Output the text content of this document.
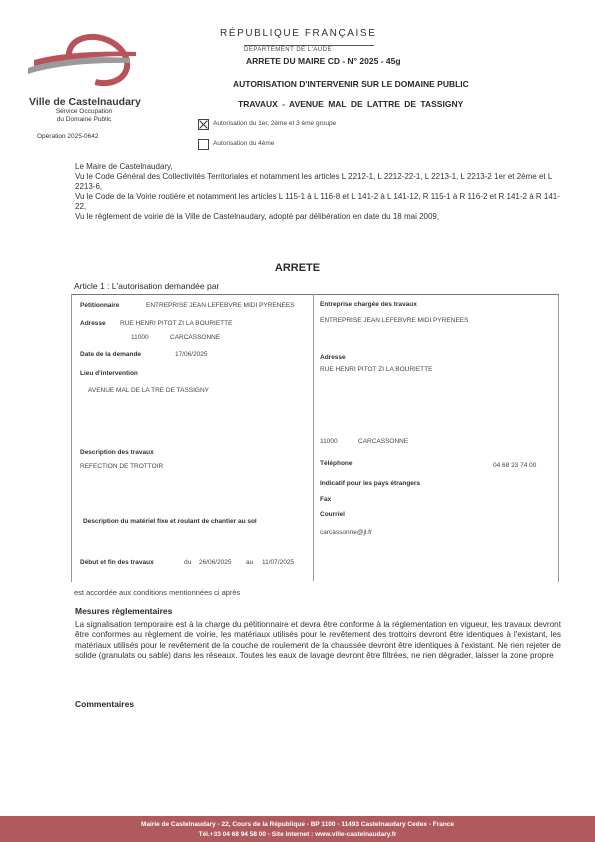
Ville de Castelnaudary
Service Occupation
du Domaine Public
Opération 2025-0642
RÉPUBLIQUE FRANÇAISE
DEPARTEMENT DE L'AUDE
ARRETE DU MAIRE CD - N° 2025 - 45g
AUTORISATION D'INTERVENIR SUR LE DOMAINE PUBLIC
TRAVAUX - AVENUE MAL DE LATTRE DE TASSIGNY
Autorisation du 1er, 2ème et 3 ème groupe
Autorisation du 4ème

Le Maire de Castelnaudary,

Vu le Code Général des Collectivités Territoriales et notamment les articles L 2212-1, L 2212-22-1, L 2213-1, L 2213-2 1er et 2ème et L 2213-6,

Vu le Code de la Voirie routière et notamment les articles L 115-1 à L 116-8 et L 141-2 à L 141-12, R 115-1 à R 116-2 et R 141-2 à R 141-22,

Vu le règlement de voirie de la Ville de Castelnaudary, adopté par délibération en date du 18 mai 2009,

ARRETE
Article 1 : L'autorisation demandée par
Pétitionnaire	ENTREPRISE JEAN LEFEBVRE MIDI PYRENEES
Adresse RUE HENRI PITOT ZI LA BOURIETTE
11000	CARCASSONNE
Date de la demande	17/06/2025
Lieu d'intervention
AVENUE MAL DE LA TRE DE TASSIGNY
Description des travaux
REFECTION DE TROTTOIR
Description du matériel fixe et roulant de chantier au sol
Début et fin des travaux	du 26/06/2025 au 11/07/2025
Entreprise chargée des travaux
ENTREPRISE JEAN LEFEBVRE MIDI PYRENEES
Adresse
RUE HENRI PITOT ZI LA BOURIETTE
11000	CARCASSONNE
Téléphone	04 68 23 74 00
Indicatif pour les pays étrangers
Fax
Courriel
carcassonne@jl.fr
est accordée aux conditions mentionnées ci après
Mesures règlementaires
La signalisation temporaire est à la charge du pétitionnaire et devra être conforme à la réglementation en vigueur, les travaux devront être conformes au règlement de voirie, les matériaux utilisés pour le revêtement des trottoirs devront être identiques à l'existant, les matériaux utilisés pour le revêtement de la couche de roulement de la chaussée devront être identiques à l'existant. Ne rien rejeter de solide (granulats ou sable) dans les réseaux. Toutes les eaux de lavage devront être filtrées, ne rien dégrader, laisser la zone propre
Commentaires
Mairie de Castelnaudary - 22, Cours de la République - BP 1100 - 11493 Castelnaudary Cedex - France
Tél.+33 04 68 94 58 00 - Site internet : www.ville-castelnaudary.fr
